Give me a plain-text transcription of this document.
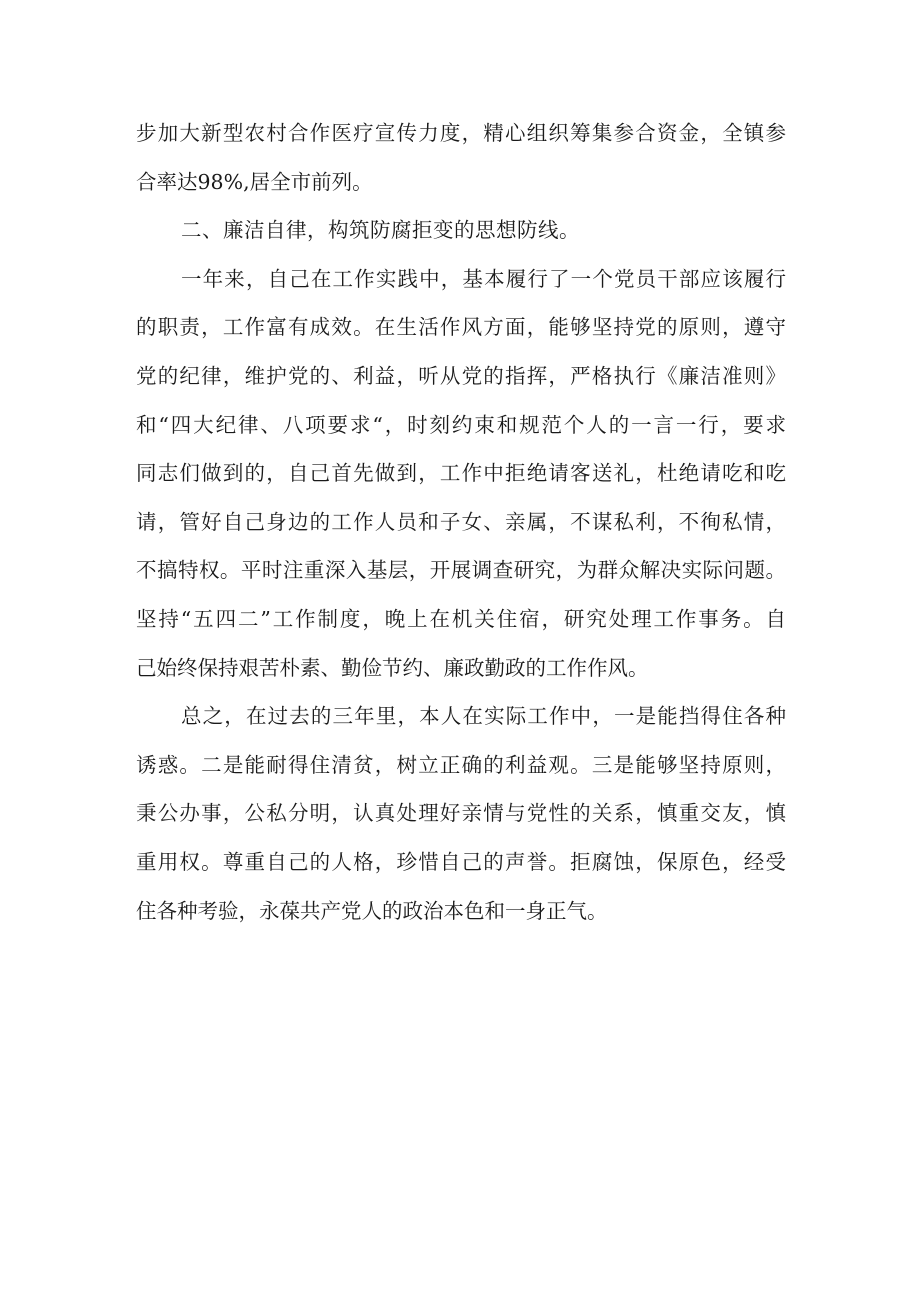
步加大新型农村合作医疗宣传力度，精心组织筹集参合资金，全镇参
合率达98%,居全市前列。
二、廉洁自律，构筑防腐拒变的思想防线。
一年来，自己在工作实践中，基本履行了一个党员干部应该履行
的职责，工作富有成效。在生活作风方面，能够坚持党的原则，遵守
党的纪律，维护党的、利益，听从党的指挥，严格执行《廉洁准则》
和“四大纪律、八项要求“，时刻约束和规范个人的一言一行，要求
同志们做到的，自己首先做到，工作中拒绝请客送礼，杜绝请吃和吃
请，管好自己身边的工作人员和子女、亲属，不谋私利，不徇私情，
不搞特权。平时注重深入基层，开展调查研究，为群众解决实际问题。
坚持“五四二”工作制度，晚上在机关住宿，研究处理工作事务。自
己始终保持艰苦朴素、勤俭节约、廉政勤政的工作作风。
总之，在过去的三年里，本人在实际工作中，一是能挡得住各种
诱惑。二是能耐得住清贫，树立正确的利益观。三是能够坚持原则，
秉公办事，公私分明，认真处理好亲情与党性的关系，慎重交友，慎
重用权。尊重自己的人格，珍惜自己的声誉。拒腐蚀，保原色，经受
住各种考验，永葆共产党人的政治本色和一身正气。
